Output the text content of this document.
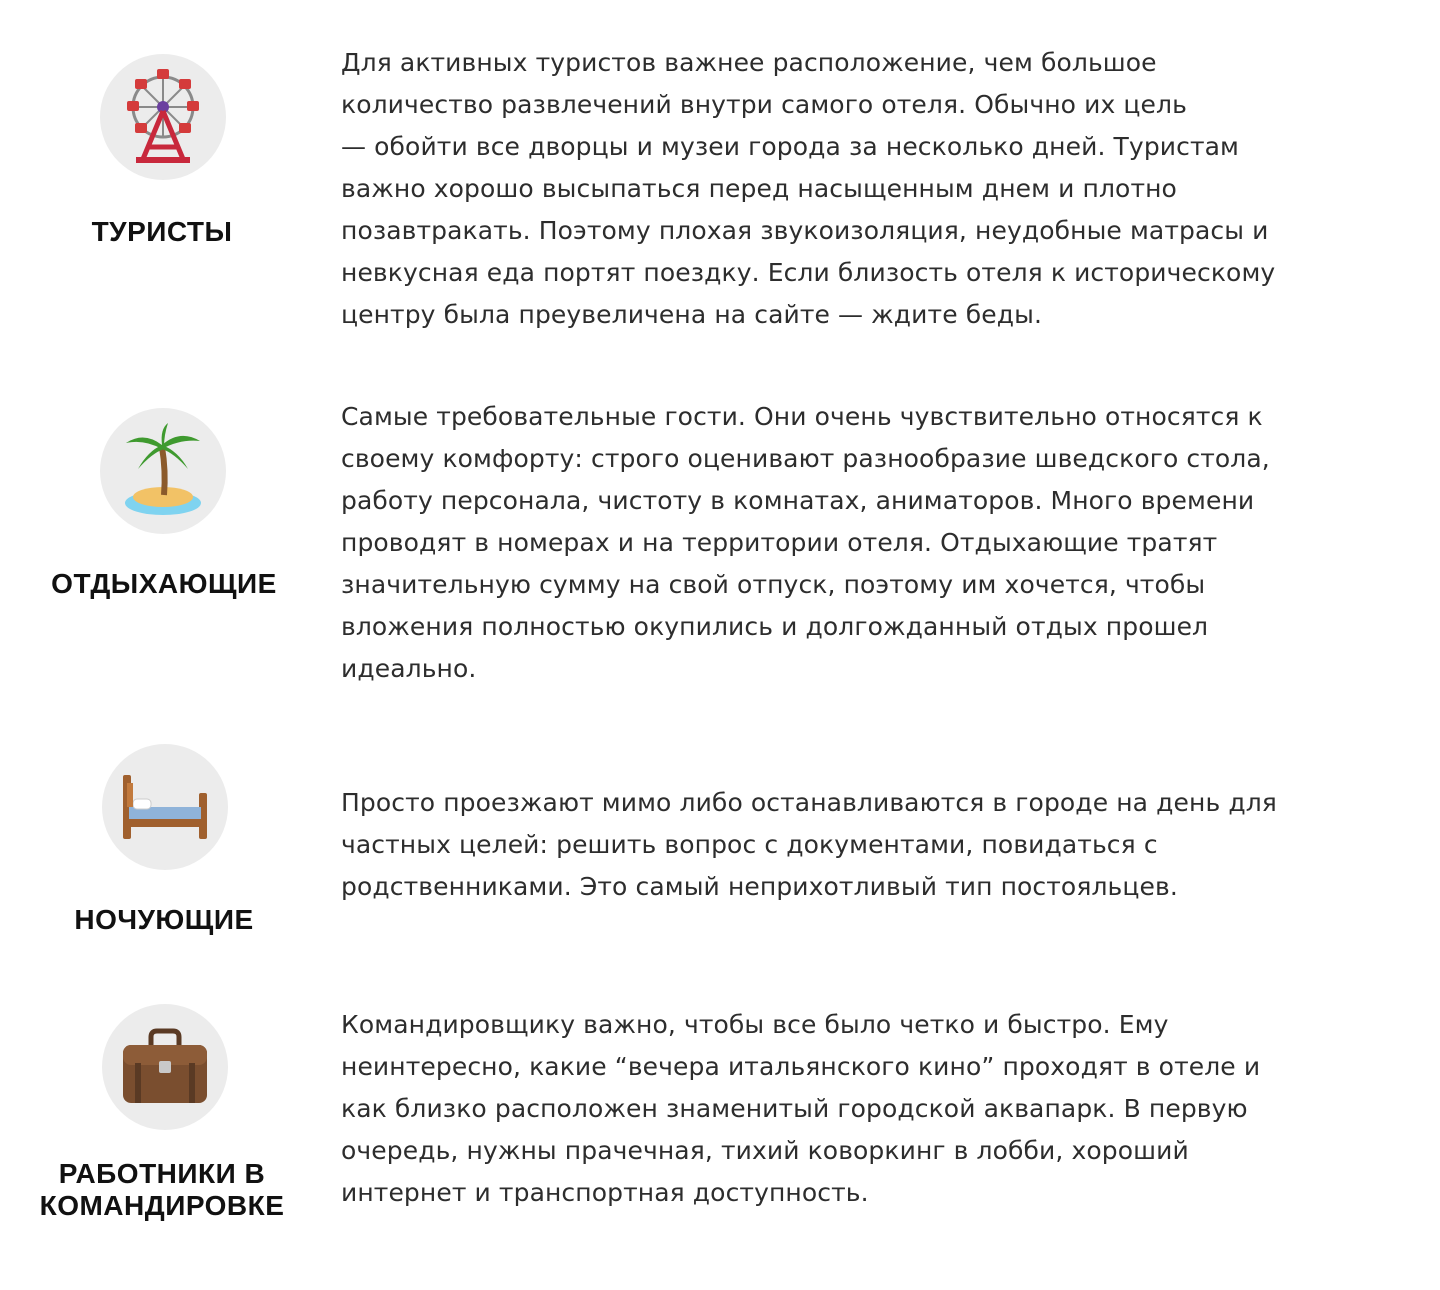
ТУРИСТЫ
Для активных туристов важнее расположение, чем большое
количество развлечений внутри самого отеля. Обычно их цель
— обойти все дворцы и музеи города за несколько дней. Туристам
важно хорошо высыпаться перед насыщенным днем и плотно
позавтракать. Поэтому плохая звукоизоляция, неудобные матрасы и
невкусная еда портят поездку. Если близость отеля к историческому
центру была преувеличена на сайте — ждите беды.
ОТДЫХАЮЩИЕ
Самые требовательные гости. Они очень чувствительно относятся к
своему комфорту: строго оценивают разнообразие шведского стола,
работу персонала, чистоту в комнатах, аниматоров. Много времени
проводят в номерах и на территории отеля. Отдыхающие тратят
значительную сумму на свой отпуск, поэтому им хочется, чтобы
вложения полностью окупились и долгожданный отдых прошел
идеально.
НОЧУЮЩИЕ
Просто проезжают мимо либо останавливаются в городе на день для
частных целей: решить вопрос с документами, повидаться с
родственниками. Это самый неприхотливый тип постояльцев.
РАБОТНИКИ В
КОМАНДИРОВКЕ
Командировщику важно, чтобы все было четко и быстро. Ему
неинтересно, какие “вечера итальянского кино” проходят в отеле и
как близко расположен знаменитый городской аквапарк. В первую
очередь, нужны прачечная, тихий коворкинг в лобби, хороший
интернет и транспортная доступность.
